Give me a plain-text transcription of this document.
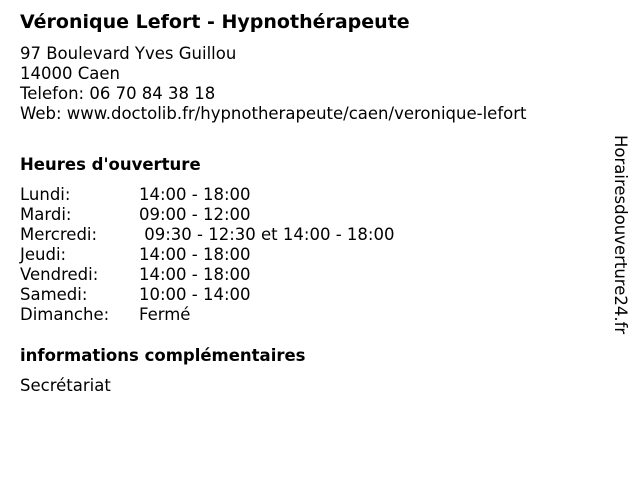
Véronique Lefort - Hypnothérapeute
97 Boulevard Yves Guillou
14000 Caen
Telefon: 06 70 84 38 18
Web: www.doctolib.fr/hypnotherapeute/caen/veronique-lefort
Heures d'ouverture
Lundi:	14:00 - 18:00
Mardi:	09:00 - 12:00
Mercredi:	09:30 - 12:30 et 14:00 - 18:00
Jeudi:	14:00 - 18:00
Vendredi:	14:00 - 18:00
Samedi:	10:00 - 14:00
Dimanche:	Fermé
informations complémentaires
Secrétariat
Horairesdouverture24.fr
